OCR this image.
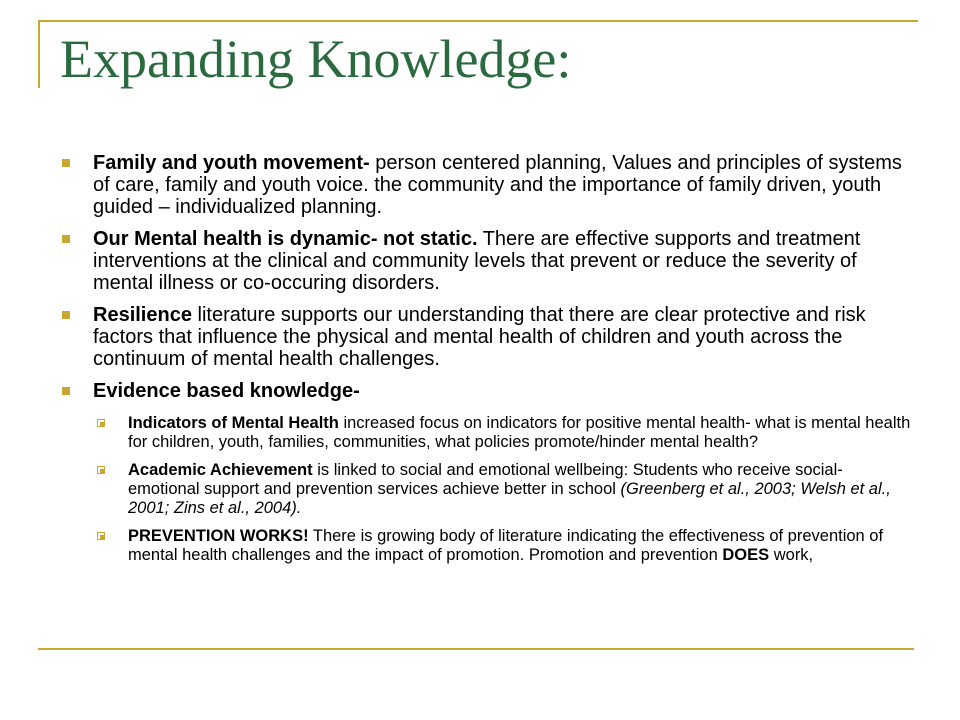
Expanding Knowledge:
Family and youth movement- person centered planning, Values and principles of systems of care, family and youth voice. the community and the importance of family driven, youth guided – individualized planning.
Our Mental health is dynamic- not static. There are effective supports and treatment interventions at the clinical and community levels that prevent or reduce the severity of mental illness or co-occuring disorders.
Resilience literature supports our understanding that there are clear protective and risk factors that influence the physical and mental health of children and youth across the continuum of mental health challenges.
Evidence based knowledge-
Indicators of Mental Health increased focus on indicators for positive mental health- what is mental health for children, youth, families, communities, what policies promote/hinder mental health?
Academic Achievement is linked to social and emotional wellbeing: Students who receive social-emotional support and prevention services achieve better in school (Greenberg et al., 2003; Welsh et al., 2001; Zins et al., 2004).
PREVENTION WORKS! There is growing body of literature indicating the effectiveness of prevention of mental health challenges and the impact of promotion. Promotion and prevention DOES work,
